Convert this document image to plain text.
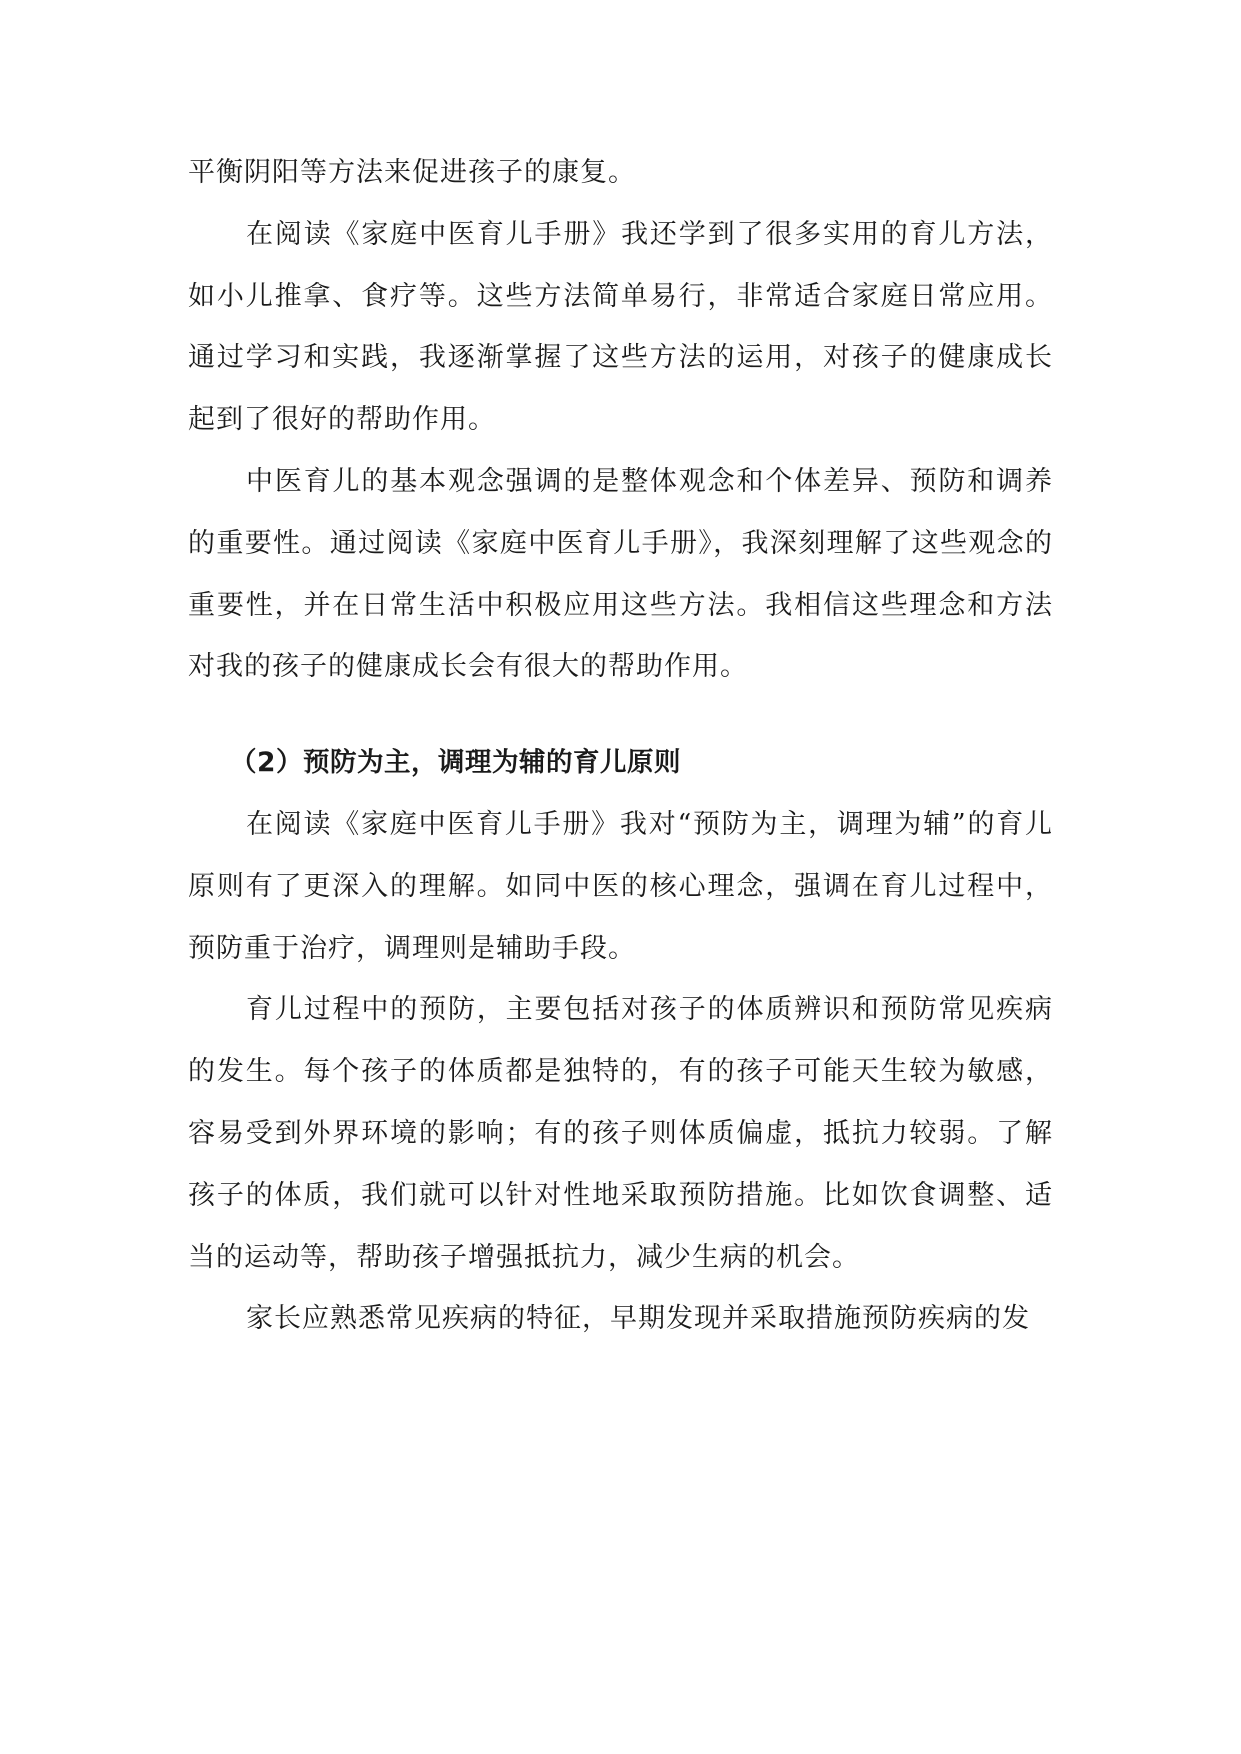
平衡阴阳等方法来促进孩子的康复。

在阅读《家庭中医育儿手册》我还学到了很多实用的育儿方法，如小儿推拿、食疗等。这些方法简单易行，非常适合家庭日常应用。通过学习和实践，我逐渐掌握了这些方法的运用，对孩子的健康成长起到了很好的帮助作用。

中医育儿的基本观念强调的是整体观念和个体差异、预防和调养的重要性。通过阅读《家庭中医育儿手册》，我深刻理解了这些观念的重要性，并在日常生活中积极应用这些方法。我相信这些理念和方法对我的孩子的健康成长会有很大的帮助作用。

（2）预防为主，调理为辅的育儿原则

在阅读《家庭中医育儿手册》我对“预防为主，调理为辅”的育儿原则有了更深入的理解。如同中医的核心理念，强调在育儿过程中，预防重于治疗，调理则是辅助手段。

育儿过程中的预防，主要包括对孩子的体质辨识和预防常见疾病的发生。每个孩子的体质都是独特的，有的孩子可能天生较为敏感，容易受到外界环境的影响；有的孩子则体质偏虚，抵抗力较弱。了解孩子的体质，我们就可以针对性地采取预防措施。比如饮食调整、适当的运动等，帮助孩子增强抵抗力，减少生病的机会。

家长应熟悉常见疾病的特征，早期发现并采取措施预防疾病的发
